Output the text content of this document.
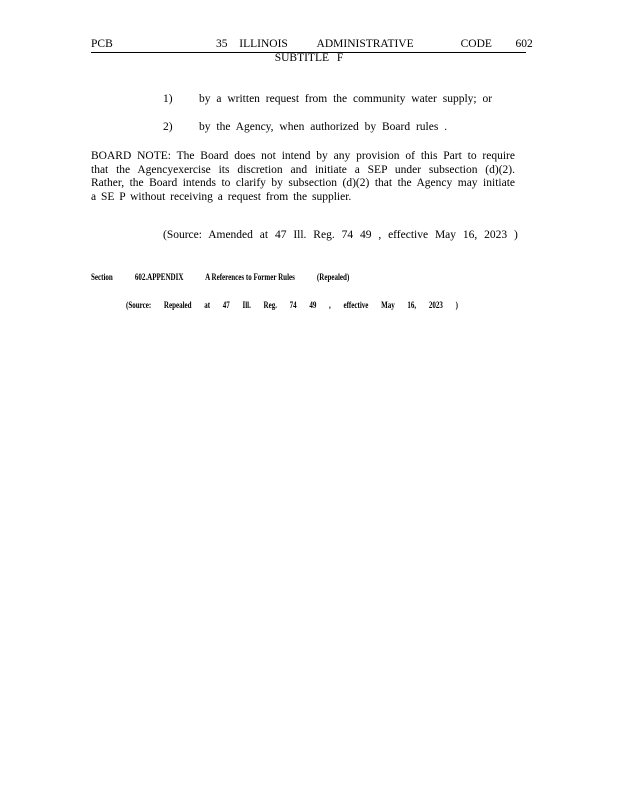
PCB	35  ILLINOIS     ADMINISTRATIVE        CODE    602
SUBTITLE F
1) by a written request from the community water supply; or
2) by the Agency, when authorized by Board rules .
BOARD NOTE: The Board does not intend by any provision of this Part to require that the Agencyexercise its discretion and initiate a SEP under subsection (d)(2). Rather, the Board intends to clarify by subsection (d)(2) that the Agency may initiate a SE P without receiving a request from the supplier.
(Source: Amended at 47 Ill. Reg. 74 49 , effective May 16, 2023 )
Section 602.APPENDIX A References to Former Rules (Repealed)
(Source: Repealed at 47 Ill. Reg. 74 49 , effective May 16, 2023 )
